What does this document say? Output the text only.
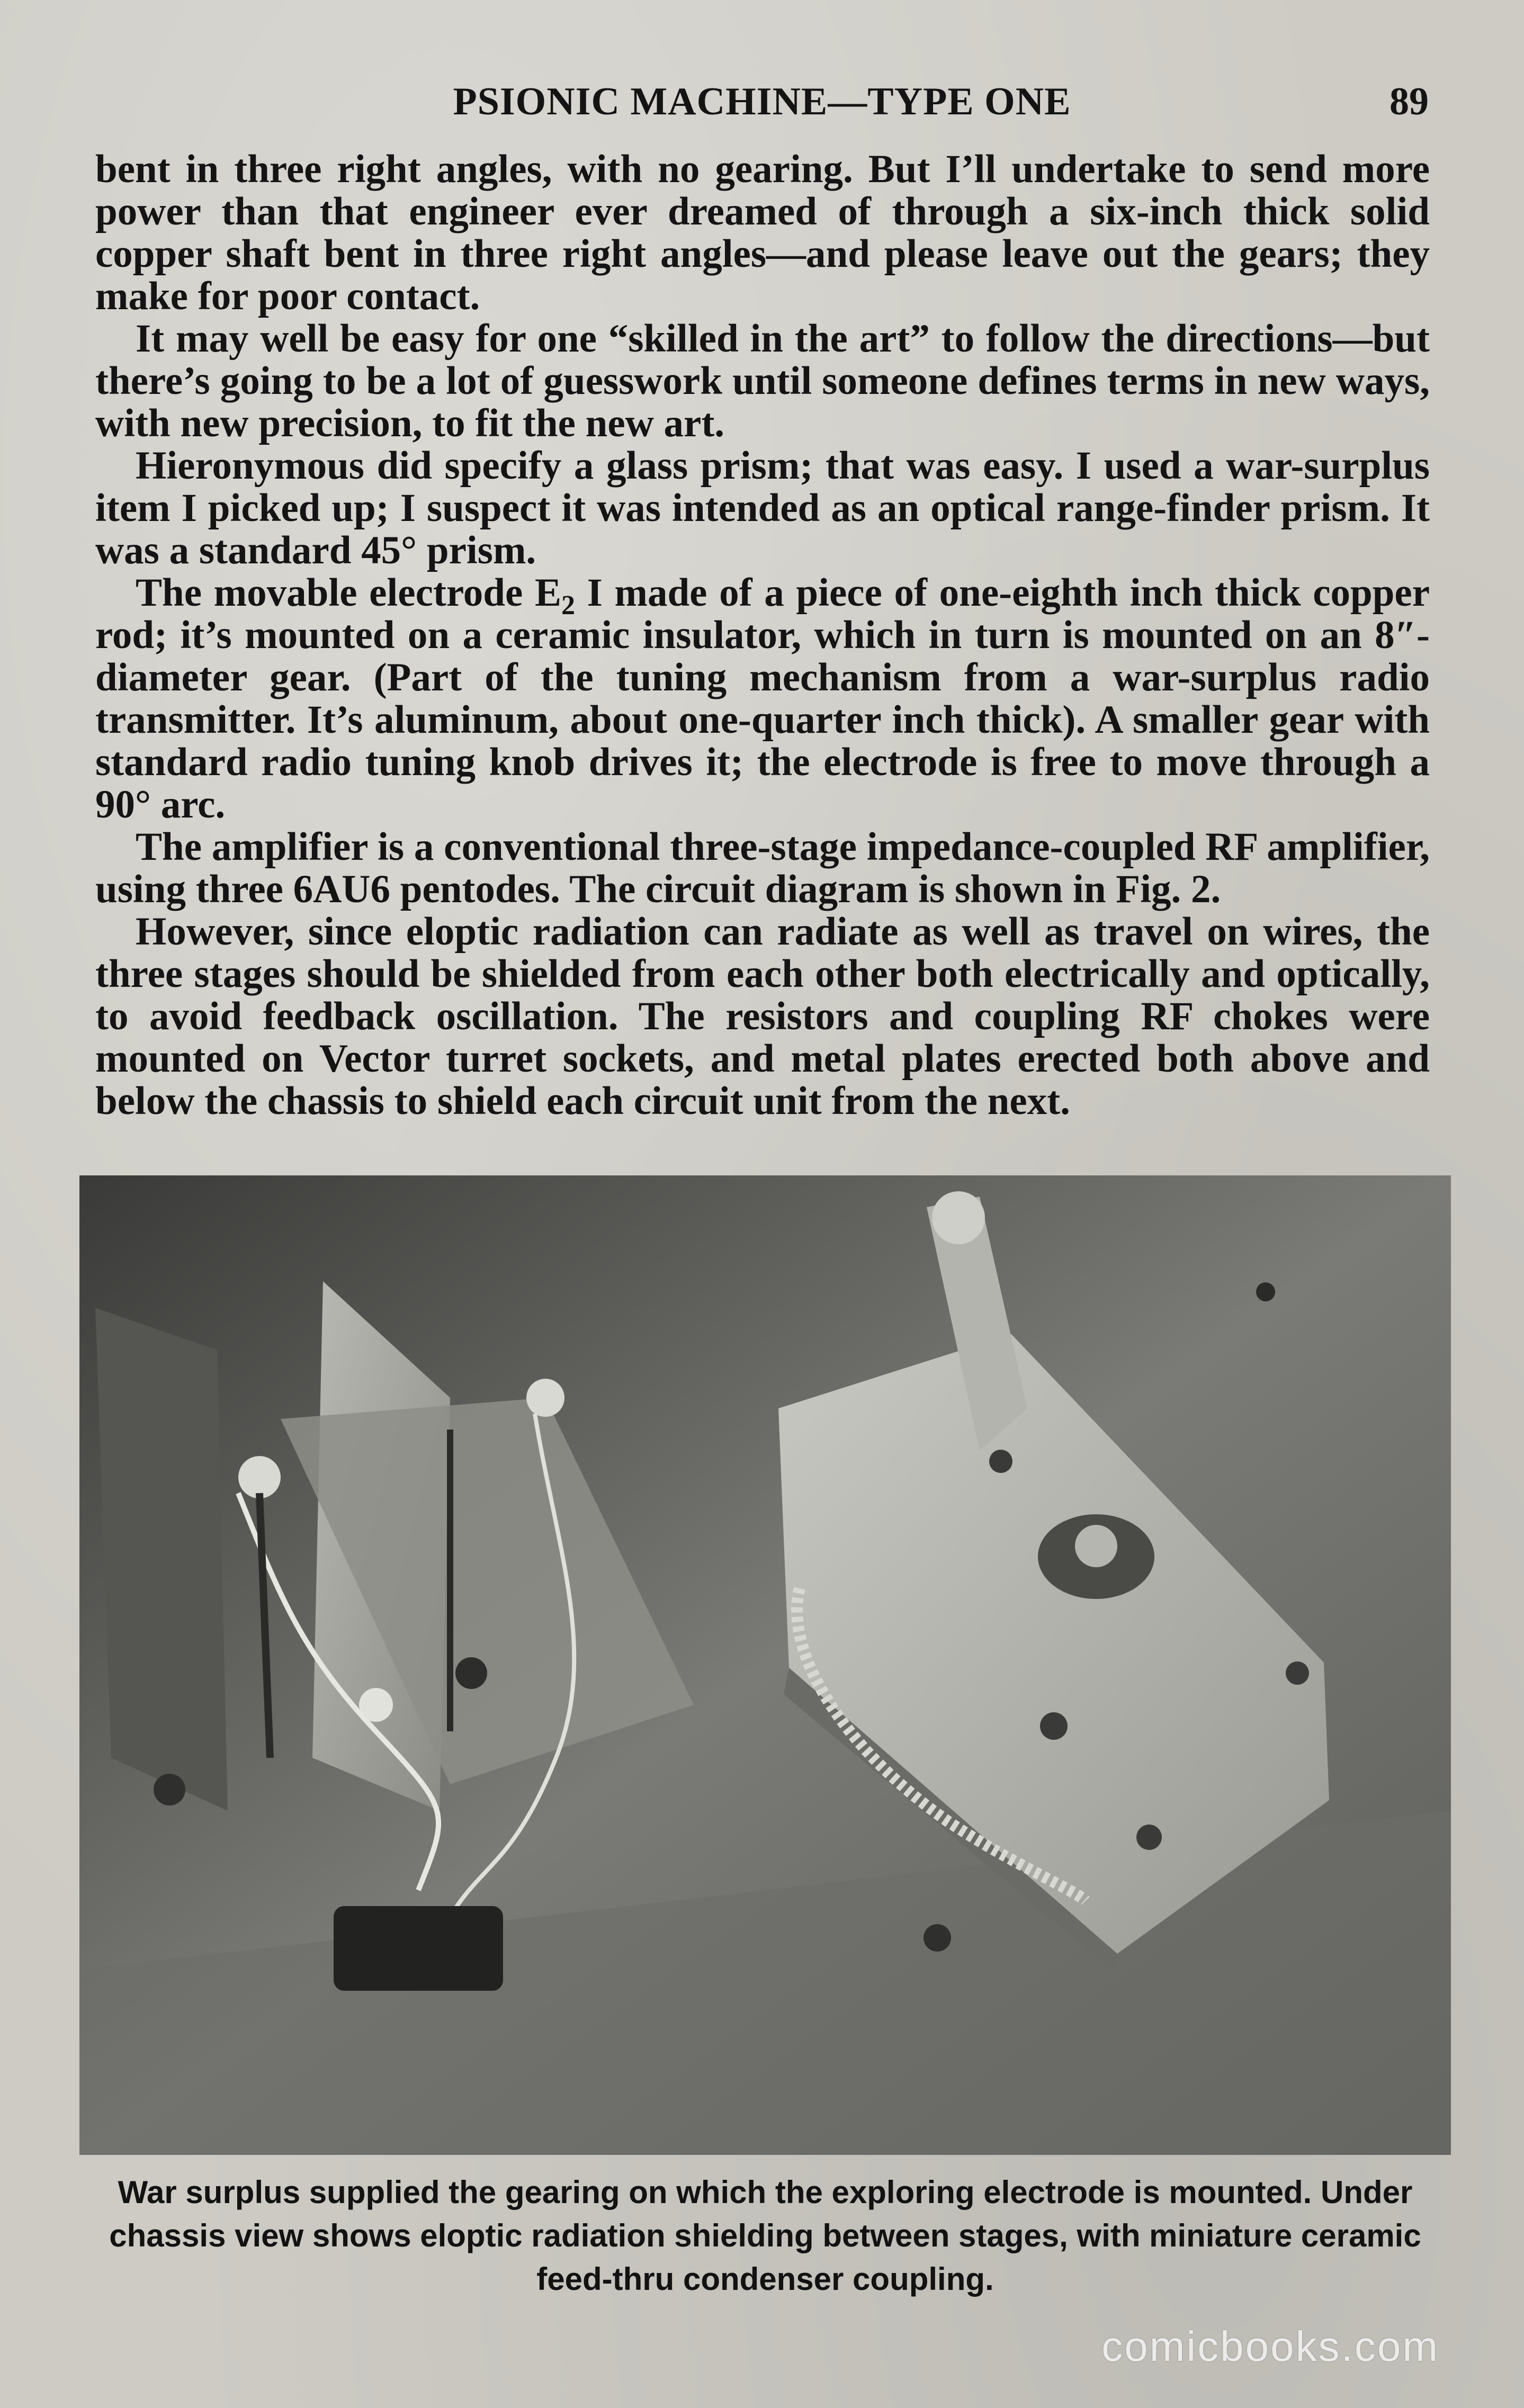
PSIONIC MACHINE—TYPE ONE	89

bent in three right angles, with no gearing. But I’ll undertake to send more power than that engineer ever dreamed of through a six-inch thick solid copper shaft bent in three right angles—and please leave out the gears; they make for poor contact.

It may well be easy for one “skilled in the art” to follow the directions—but there’s going to be a lot of guesswork until someone defines terms in new ways, with new precision, to fit the new art.

Hieronymous did specify a glass prism; that was easy. I used a war-surplus item I picked up; I suspect it was intended as an optical range-finder prism. It was a standard 45° prism.

The movable electrode $E_2$ I made of a piece of one-eighth inch thick copper rod; it’s mounted on a ceramic insulator, which in turn is mounted on an 8″-diameter gear. (Part of the tuning mechanism from a war-surplus radio transmitter. It’s aluminum, about one-quarter inch thick). A smaller gear with standard radio tuning knob drives it; the electrode is free to move through a 90° arc.

The amplifier is a conventional three-stage impedance-coupled RF amplifier, using three 6AU6 pentodes. The circuit diagram is shown in Fig. 2.

However, since eloptic radiation can radiate as well as travel on wires, the three stages should be shielded from each other both electrically and optically, to avoid feedback oscillation. The resistors and coupling RF chokes were mounted on Vector turret sockets, and metal plates erected both above and below the chassis to shield each circuit unit from the next.

War surplus supplied the gearing on which the exploring electrode is mounted. Under chassis view shows eloptic radiation shielding between stages, with miniature ceramic feed-thru condenser coupling.
comicbooks.com
